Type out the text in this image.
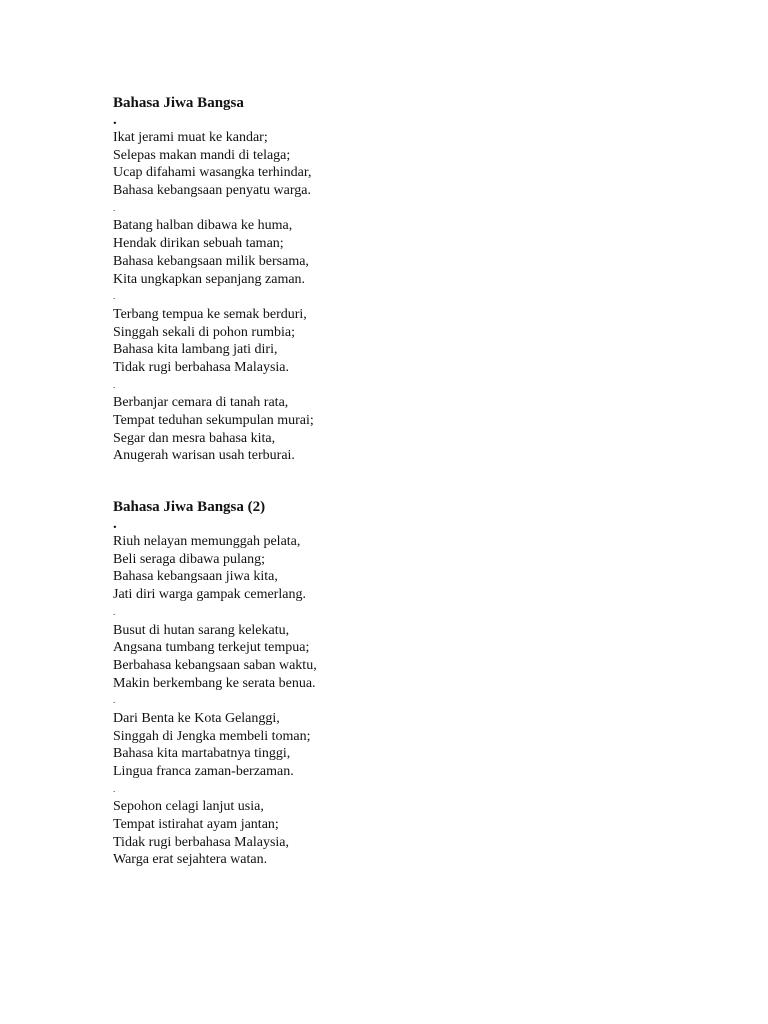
Bahasa Jiwa Bangsa
.
Ikat jerami muat ke kandar;
Selepas makan mandi di telaga;
Ucap difahami wasangka terhindar,
Bahasa kebangsaan penyatu warga.
.
Batang halban dibawa ke huma,
Hendak dirikan sebuah taman;
Bahasa kebangsaan milik bersama,
Kita ungkapkan sepanjang zaman.
.
Terbang tempua ke semak berduri,
Singgah sekali di pohon rumbia;
Bahasa kita lambang jati diri,
Tidak rugi berbahasa Malaysia.
.
Berbanjar cemara di tanah rata,
Tempat teduhan sekumpulan murai;
Segar dan mesra bahasa kita,
Anugerah warisan usah terburai.
Bahasa Jiwa Bangsa (2)
.
Riuh nelayan memunggah pelata,
Beli seraga dibawa pulang;
Bahasa kebangsaan jiwa kita,
Jati diri warga gampak cemerlang.
.
Busut di hutan sarang kelekatu,
Angsana tumbang terkejut tempua;
Berbahasa kebangsaan saban waktu,
Makin berkembang ke serata benua.
.
Dari Benta ke Kota Gelanggi,
Singgah di Jengka membeli toman;
Bahasa kita martabatnya tinggi,
Lingua franca zaman-berzaman.
.
Sepohon celagi lanjut usia,
Tempat istirahat ayam jantan;
Tidak rugi berbahasa Malaysia,
Warga erat sejahtera watan.
